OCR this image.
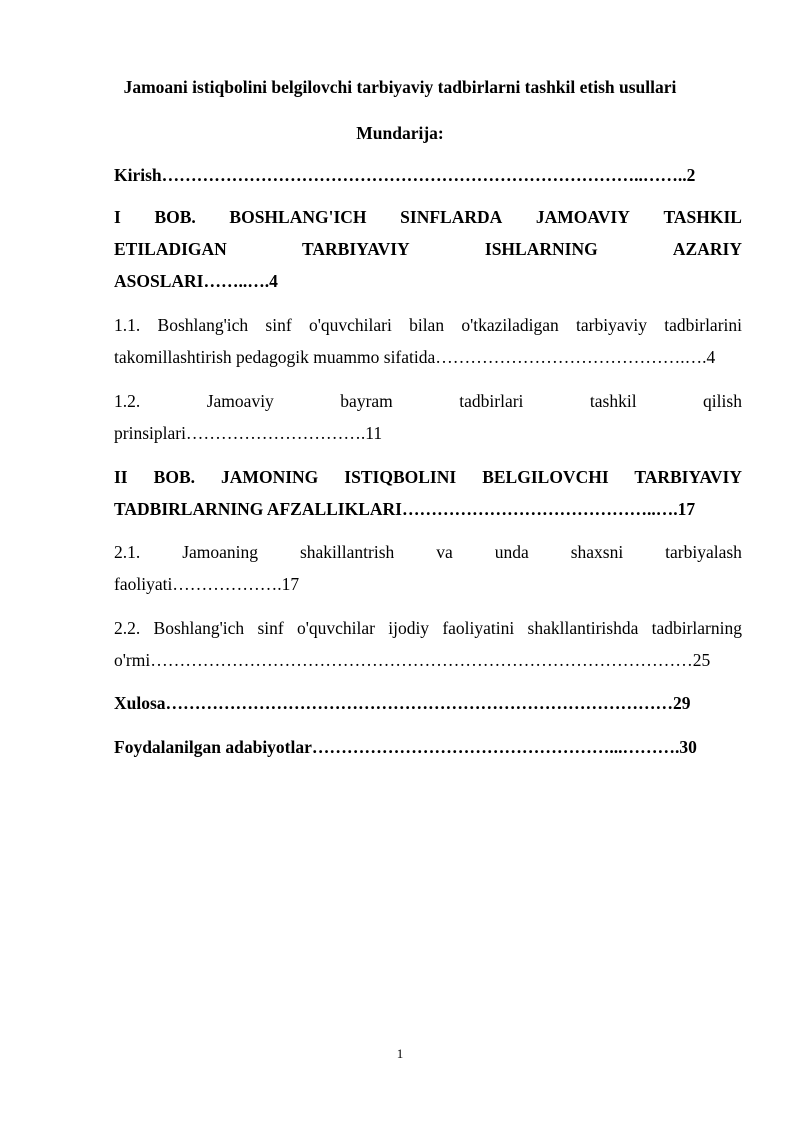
Jamoani istiqbolini belgilovchi tarbiyaviy tadbirlarni tashkil etish usullari
Mundarija:
Kirish………………………………………………………………………..……..2
I BOB. BOSHLANG'ICH SINFLARDA JAMOAVIY TASHKIL
ETILADIGAN	TARBIYAVIY	ISHLARNING	AZARIY
ASOSLARI……..….4
1.1. Boshlang'ich sinf o'quvchilari bilan o'tkaziladigan tarbiyaviy tadbirlarini
takomillashtirish pedagogik muammo sifatida…………………………………….….4
1.2.	Jamoaviy	bayram	tadbirlari	tashkil	qilish
prinsiplari………………………….11
II BOB. JAMONING ISTIQBOLINI BELGILOVCHI TARBIYAVIY
TADBIRLARNING AFZALLIKLARI……………………………………..….17
2.1. Jamoaning shakillantrish va unda shaxsni tarbiyalash
faoliyati……………….17
2.2. Boshlang'ich sinf o'quvchilar ijodiy faoliyatini shakllantirishda tadbirlarning
o'rmi…………………………………………………………………………………25
Xulosa……………………………………………………………………………29
Foydalanilgan adabiyotlar……………………………………………...……….30
1
